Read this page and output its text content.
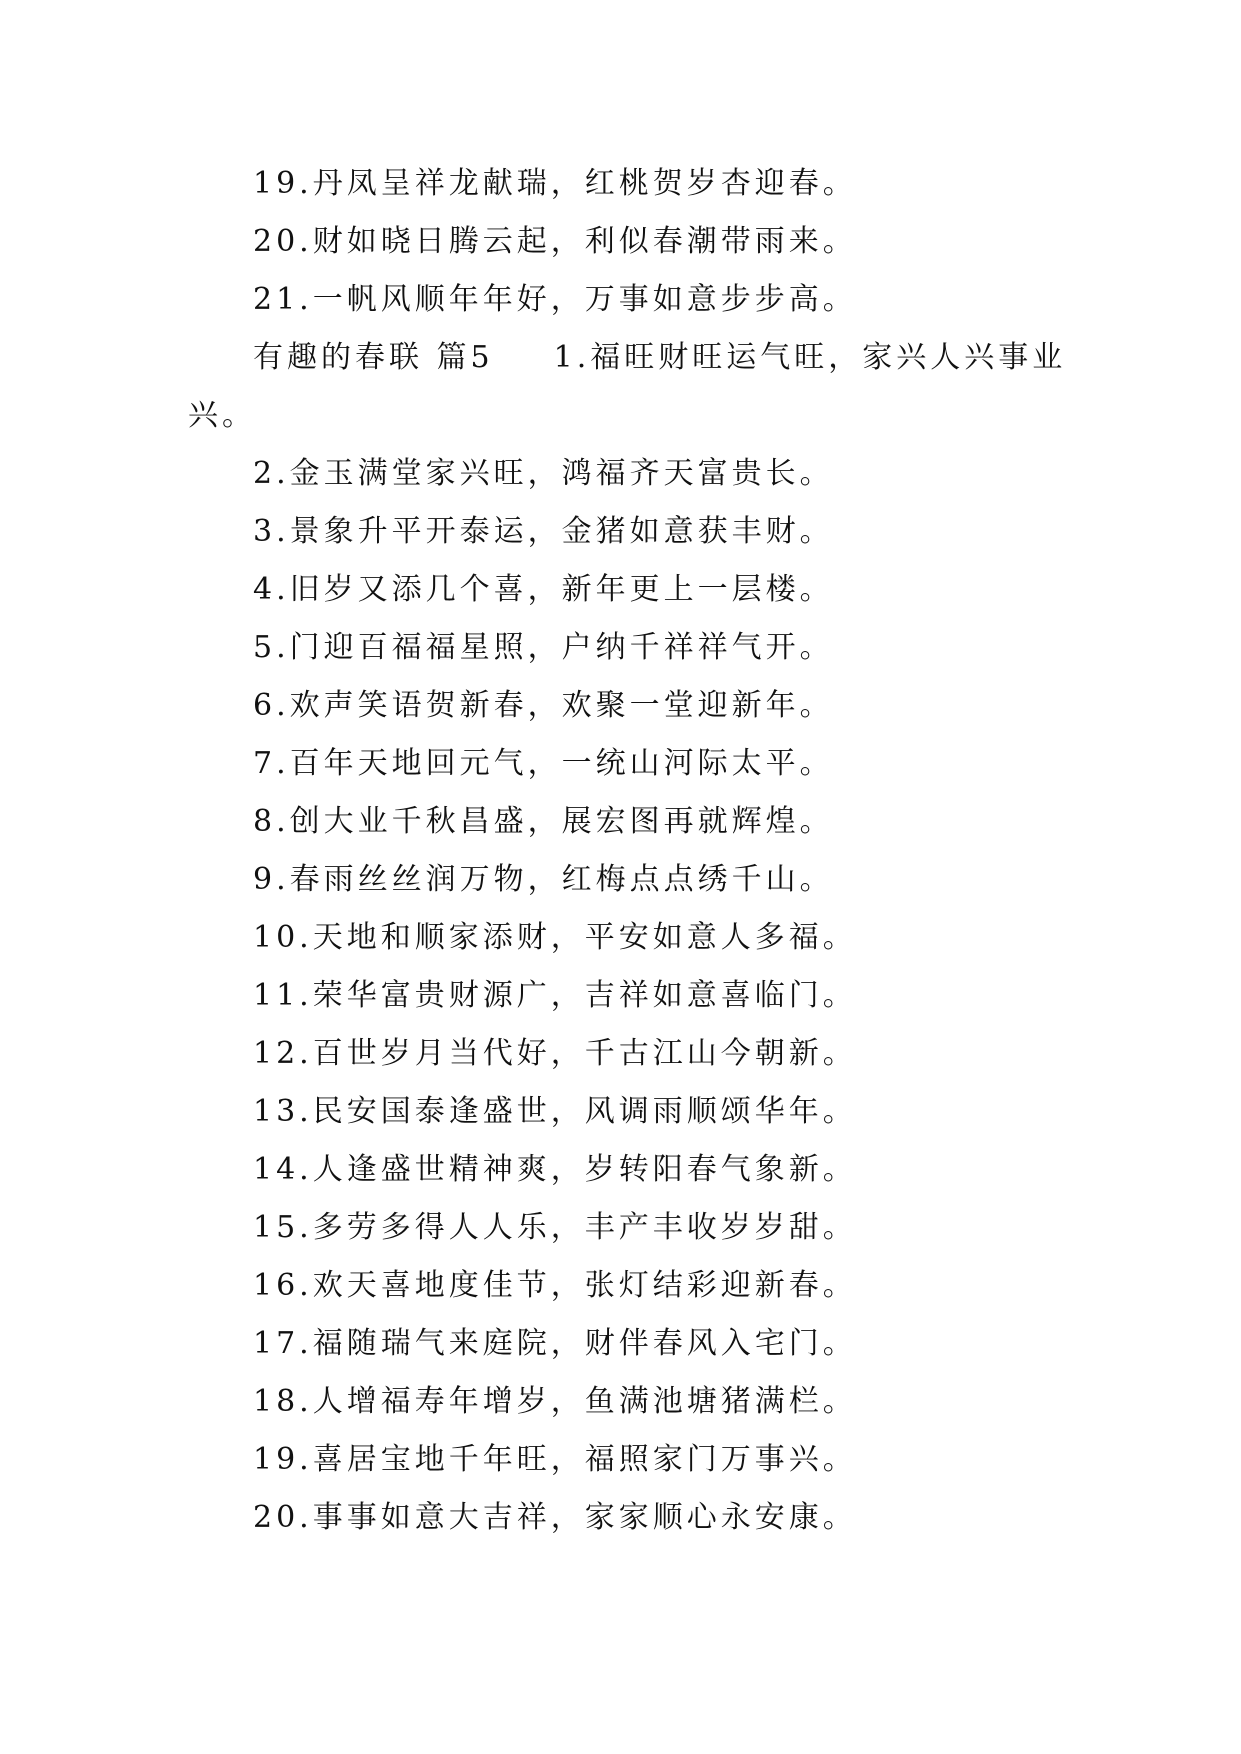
19.丹凤呈祥龙献瑞，红桃贺岁杏迎春。
20.财如晓日腾云起，利似春潮带雨来。
21.一帆风顺年年好，万事如意步步高。
有趣的春联 篇5 1.福旺财旺运气旺，家兴人兴事业
兴。
2.金玉满堂家兴旺，鸿福齐天富贵长。
3.景象升平开泰运，金猪如意获丰财。
4.旧岁又添几个喜，新年更上一层楼。
5.门迎百福福星照，户纳千祥祥气开。
6.欢声笑语贺新春，欢聚一堂迎新年。
7.百年天地回元气，一统山河际太平。
8.创大业千秋昌盛，展宏图再就辉煌。
9.春雨丝丝润万物，红梅点点绣千山。
10.天地和顺家添财，平安如意人多福。
11.荣华富贵财源广，吉祥如意喜临门。
12.百世岁月当代好，千古江山今朝新。
13.民安国泰逢盛世，风调雨顺颂华年。
14.人逢盛世精神爽，岁转阳春气象新。
15.多劳多得人人乐，丰产丰收岁岁甜。
16.欢天喜地度佳节，张灯结彩迎新春。
17.福随瑞气来庭院，财伴春风入宅门。
18.人增福寿年增岁，鱼满池塘猪满栏。
19.喜居宝地千年旺，福照家门万事兴。
20.事事如意大吉祥，家家顺心永安康。
